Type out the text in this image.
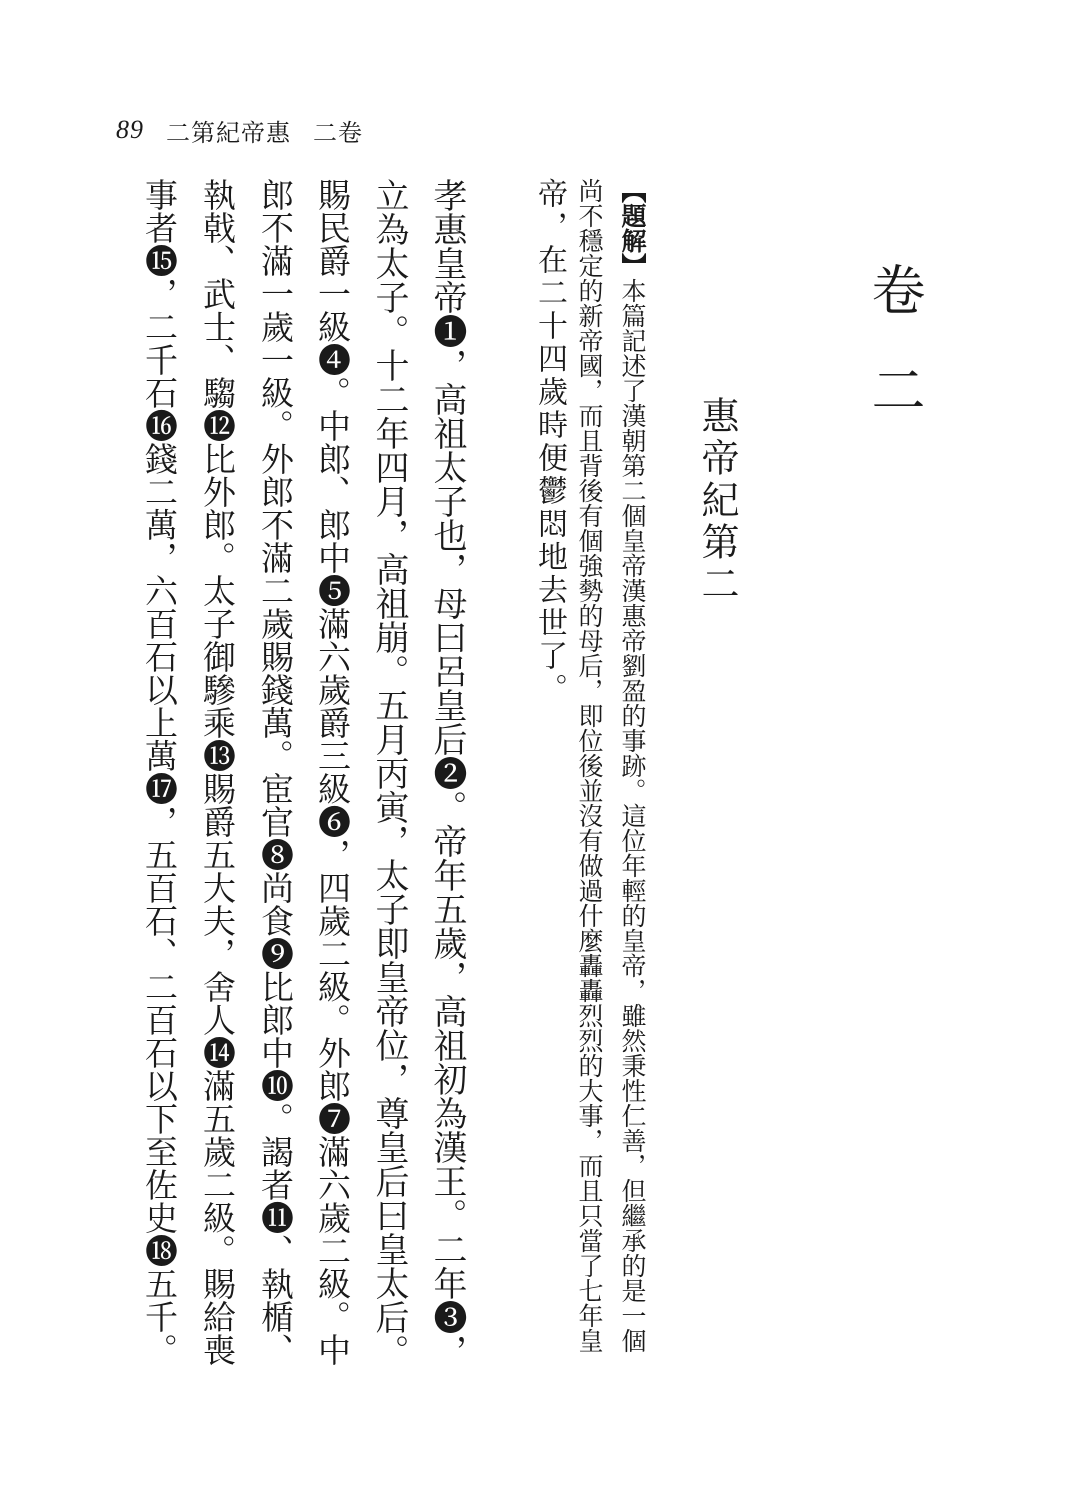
89 二第紀帝惠 二卷
卷二
惠帝紀第二
【題解】本篇記述了漢朝第二個皇帝漢惠帝劉盈的事跡。這位年輕的皇帝，雖然秉性仁善，但繼承的是一個
尚不穩定的新帝國，而且背後有個強勢的母后，即位後並沒有做過什麼轟轟烈烈的大事，而且只當了七年皇
帝，在二十四歲時便鬱悶地去世了。
孝惠皇帝❶，高祖太子也，母曰呂皇后❷。帝年五歲，高祖初為漢王。二年❸，
立為太子。十二年四月，高祖崩。五月丙寅，太子即皇帝位，尊皇后曰皇太后。
賜民爵一級❹。中郎、郎中❺滿六歲爵三級❻，四歲二級。外郎❼滿六歲二級。中
郎不滿一歲一級。外郎不滿二歲賜錢萬。宦官❽尚食❾比郎中❿。謁者⓫、執楯、
執戟、武士、騶⓬比外郎。太子御驂乘⓭賜爵五大夫，舍人⓮滿五歲二級。賜給喪
事者⓯，二千石⓰錢二萬，六百石以上萬⓱，五百石、二百石以下至佐史⓲五千。
